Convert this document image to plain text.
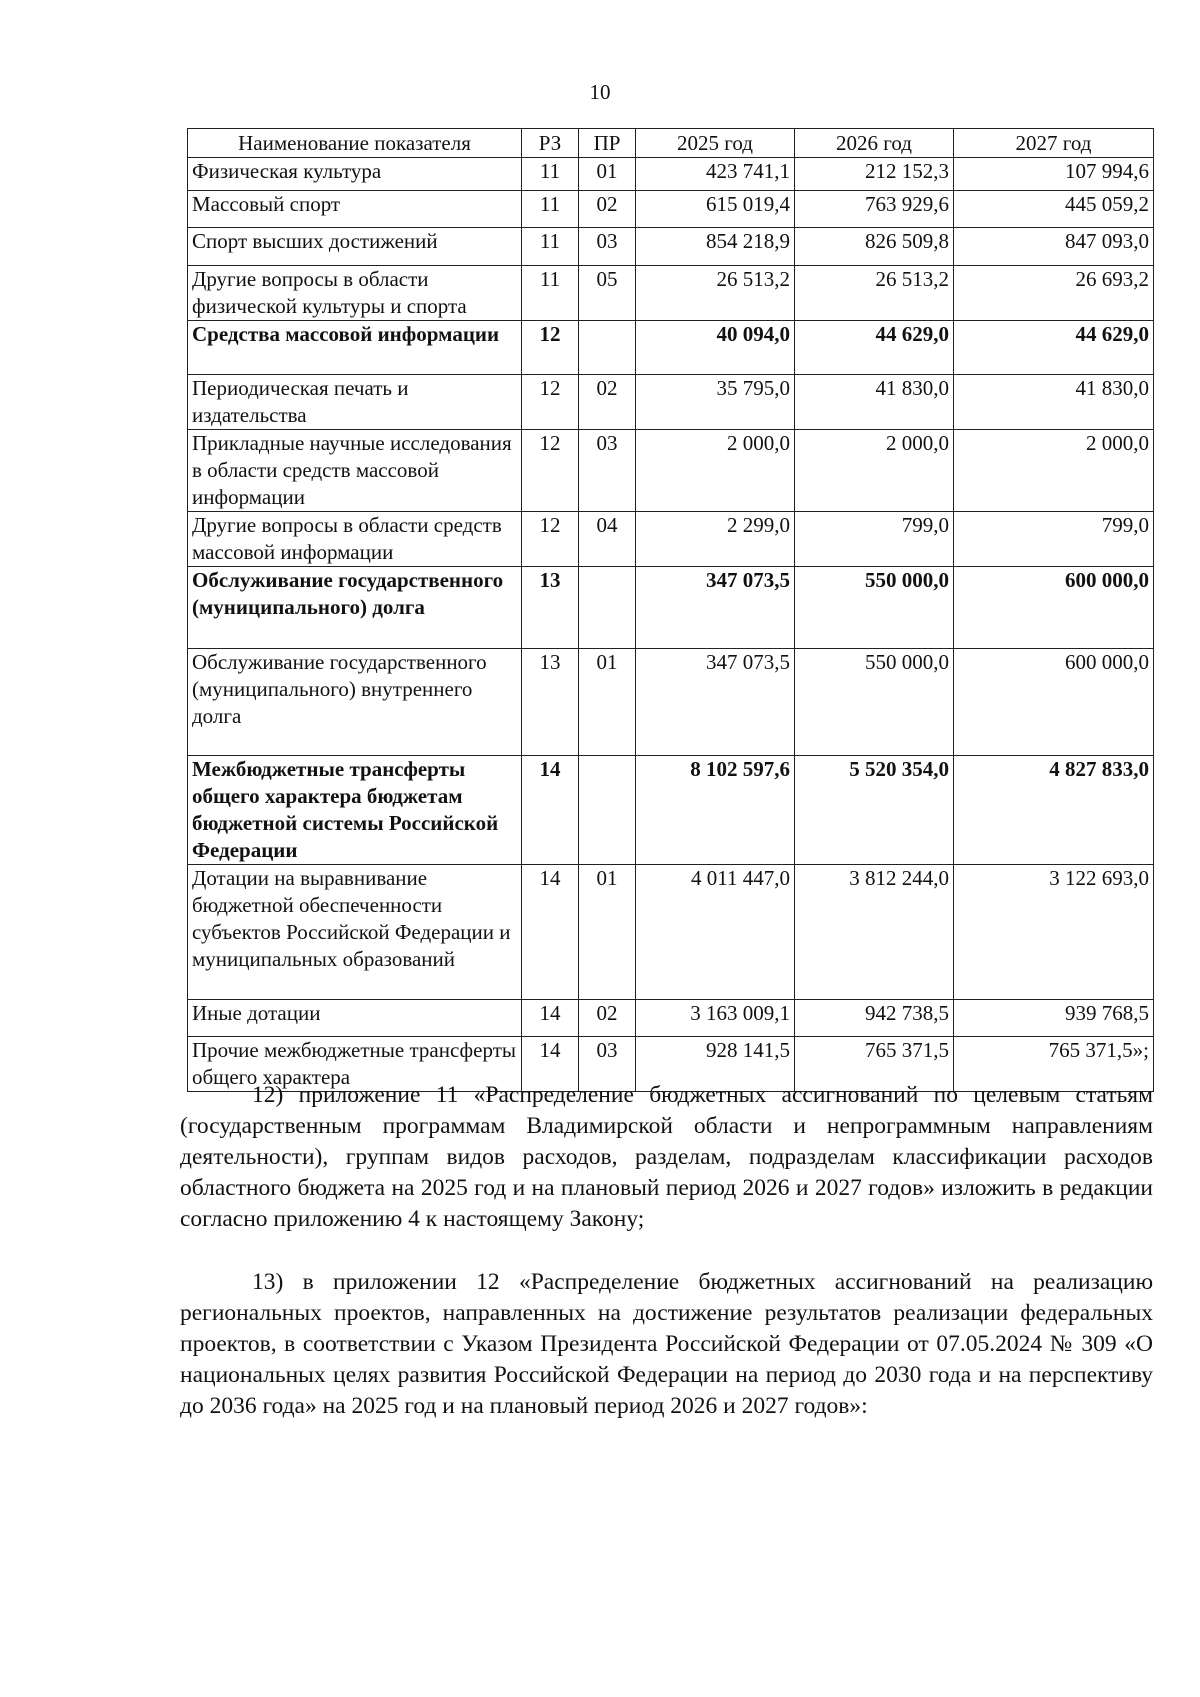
10
Наименование показателя	РЗ	ПР	2025 год	2026 год	2027 год
Физическая культура	11	01	423 741,1	212 152,3	107 994,6
Массовый спорт	11	02	615 019,4	763 929,6	445 059,2
Спорт высших достижений	11	03	854 218,9	826 509,8	847 093,0
Другие вопросы в области физической культуры и спорта	11	05	26 513,2	26 513,2	26 693,2
Средства массовой информации	12		40 094,0	44 629,0	44 629,0
Периодическая печать и издательства	12	02	35 795,0	41 830,0	41 830,0
Прикладные научные исследования в области средств массовой информации	12	03	2 000,0	2 000,0	2 000,0
Другие вопросы в области средств массовой информации	12	04	2 299,0	799,0	799,0
Обслуживание государственного (муниципального) долга	13		347 073,5	550 000,0	600 000,0
Обслуживание государственного (муниципального) внутреннего долга	13	01	347 073,5	550 000,0	600 000,0
Межбюджетные трансферты общего характера бюджетам бюджетной системы Российской Федерации	14		8 102 597,6	5 520 354,0	4 827 833,0
Дотации на выравнивание бюджетной обеспеченности субъектов Российской Федерации и муниципальных образований	14	01	4 011 447,0	3 812 244,0	3 122 693,0
Иные дотации	14	02	3 163 009,1	942 738,5	939 768,5
Прочие межбюджетные трансферты общего характера	14	03	928 141,5	765 371,5	765 371,5»;

12) приложение 11 «Распределение бюджетных ассигнований по целевым статьям (государственным программам Владимирской области и непрограммным направлениям деятельности), группам видов расходов, разделам, подразделам классификации расходов областного бюджета на 2025 год и на плановый период 2026 и 2027 годов» изложить в редакции согласно приложению 4 к настоящему Закону;

13) в приложении 12 «Распределение бюджетных ассигнований на реализацию региональных проектов, направленных на достижение результатов реализации федеральных проектов, в соответствии с Указом Президента Российской Федерации от 07.05.2024 № 309 «О национальных целях развития Российской Федерации на период до 2030 года и на перспективу до 2036 года» на 2025 год и на плановый период 2026 и 2027 годов»:
